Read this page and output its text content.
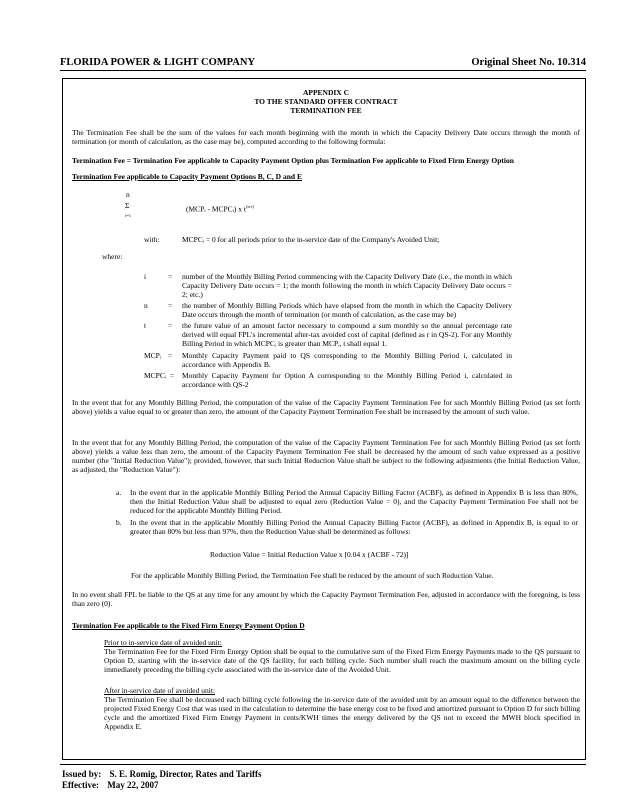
FLORIDA POWER & LIGHT COMPANY	Original Sheet No. 10.314
APPENDIX C
TO THE STANDARD OFFER CONTRACT
TERMINATION FEE
The Termination Fee shall be the sum of the values for each month beginning with the month in which the Capacity Delivery Date occurs through the month of termination (or month of calculation, as the case may be), computed according to the following formula:
Termination Fee = Termination Fee applicable to Capacity Payment Option plus Termination Fee applicable to Fixed Firm Energy Option
Termination Fee applicable to Capacity Payment Options B, C, D and E
n
Σ
i=1
(MCPᵢ - MCPCᵢ) x $t^{(n-i)}$
with:	MCPCᵢ = 0 for all periods prior to the in-service date of the Company's Avoided Unit;
where:
i	= number of the Monthly Billing Period commencing with the Capacity Delivery Date (i.e., the month in which Capacity Delivery Date occurs = 1; the month following the month in which Capacity Delivery Date occurs = 2; etc.)
n	= the number of Monthly Billing Periods which have elapsed from the month in which the Capacity Delivery Date occurs through the month of termination (or month of calculation, as the case may be)
t	= the future value of an amount factor necessary to compound a sum monthly so the annual percentage rate derived will equal FPL's incremental after-tax avoided cost of capital (defined as r in QS-2). For any Monthly Billing Period in which MCPCᵢ is greater than MCPᵢ, t shall equal 1.
MCPᵢ = Monthly Capacity Payment paid to QS corresponding to the Monthly Billing Period i, calculated in accordance with Appendix B.
MCPCᵢ = Monthly Capacity Payment for Option A corresponding to the Monthly Billing Period i, calculated in accordance with QS-2
In the event that for any Monthly Billing Period, the computation of the value of the Capacity Payment Termination Fee for such Monthly Billing Period (as set forth above) yields a value equal to or greater than zero, the amount of the Capacity Payment Termination Fee shall be increased by the amount of such value.
In the event that for any Monthly Billing Period, the computation of the value of the Capacity Payment Termination Fee for such Monthly Billing Period (as set forth above) yields a value less than zero, the amount of the Capacity Payment Termination Fee shall be decreased by the amount of such value expressed as a positive number (the "Initial Reduction Value"); provided, however, that such Initial Reduction Value shall be subject to the following adjustments (the Initial Reduction Value, as adjusted, the "Reduction Value"):
a. In the event that in the applicable Monthly Billing Period the Annual Capacity Billing Factor (ACBF), as defined in Appendix B is less than 80%, then the Initial Reduction Value shall be adjusted to equal zero (Reduction Value = 0), and the Capacity Payment Termination Fee shall not be reduced for the applicable Monthly Billing Period.
b. In the event that in the applicable Monthly Billing Period the Annual Capacity Billing Factor (ACBF), as defined in Appendix B, is equal to or greater than 80% but less than 97%, then the Reduction Value shall be determined as follows:
Reduction Value = Initial Reduction Value x [0.04 x (ACBF - 72)]
For the applicable Monthly Billing Period, the Termination Fee shall be reduced by the amount of such Reduction Value.
In no event shall FPL be liable to the QS at any time for any amount by which the Capacity Payment Termination Fee, adjusted in accordance with the foregoing, is less than zero (0).
Termination Fee applicable to the Fixed Firm Energy Payment Option D
Prior to in-service date of avoided unit:
The Termination Fee for the Fixed Firm Energy Option shall be equal to the cumulative sum of the Fixed Firm Energy Payments made to the QS pursuant to Option D, starting with the in-service date of the QS facility, for each billing cycle. Such number shall reach the maximum amount on the billing cycle immediately preceding the billing cycle associated with the in-service date of the Avoided Unit.
After in-service date of avoided unit:
The Termination Fee shall be decreased each billing cycle following the in-service date of the avoided unit by an amount equal to the difference between the projected Fixed Energy Cost that was used in the calculation to determine the base energy cost to be fixed and amortized pursuant to Option D for such billing cycle and the amortized Fixed Firm Energy Payment in cents/KWH times the energy delivered by the QS not to exceed the MWH block specified in Appendix E.
Issued by: S. E. Romig, Director, Rates and Tariffs
Effective: May 22, 2007
